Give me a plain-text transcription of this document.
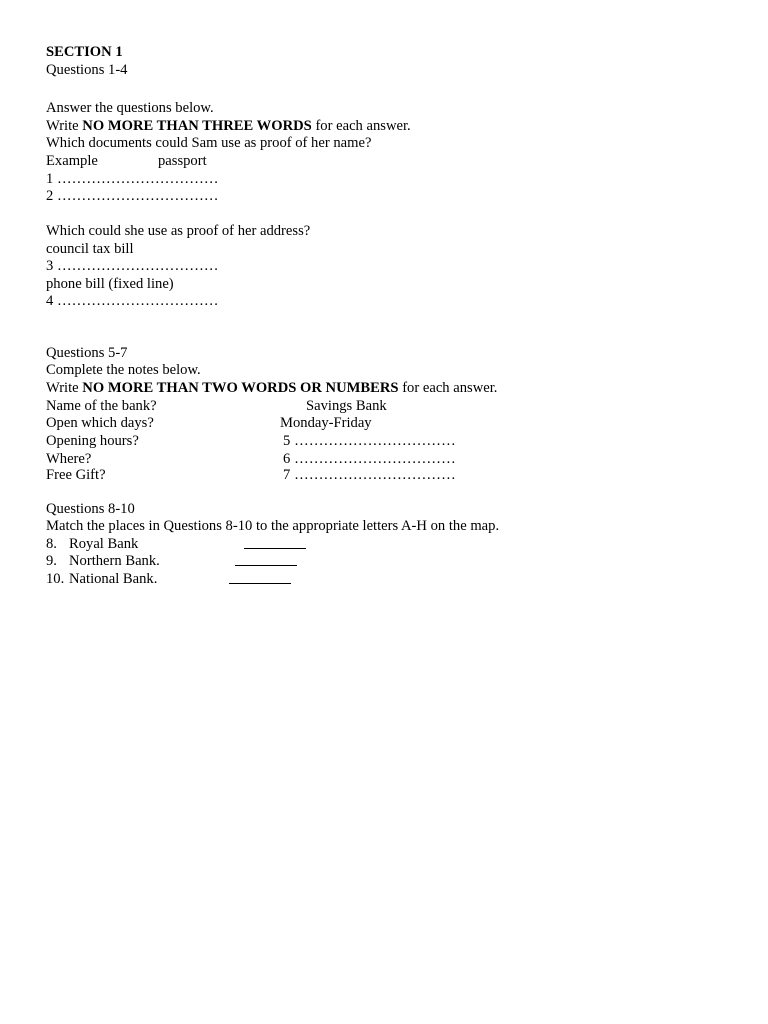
SECTION 1
Questions 1-4
Answer the questions below.
Write NO MORE THAN THREE WORDS for each answer.
Which documents could Sam use as proof of her name?
Example	passport
1 ……………………………
2 ……………………………
Which could she use as proof of her address?
council tax bill
3 ……………………………
phone bill (fixed line)
4 ……………………………
Questions 5-7
Complete the notes below.
Write NO MORE THAN TWO WORDS OR NUMBERS for each answer.
Name of the bank?	Savings Bank
Open which days?	Monday-Friday
Opening hours?	5 ……………………………
Where?	6 ……………………………
Free Gift?	7 ……………………………
Questions 8-10
Match the places in Questions 8-10 to the appropriate letters A-H on the map.
8. Royal Bank
9. Northern Bank.
10. National Bank.
